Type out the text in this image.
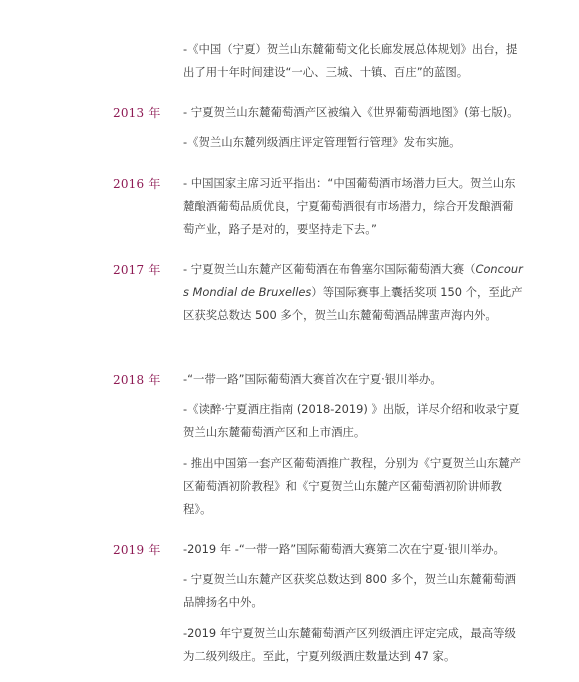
-《中国（宁夏）贺兰山东麓葡萄文化长廊发展总体规划》出台，提出了用十年时间建设“一心、三城、十镇、百庄”的蓝图。

2013 年 - 宁夏贺兰山东麓葡萄酒产区被编入《世界葡萄酒地图》(第七版)。

-《贺兰山东麓列级酒庄评定管理暂行管理》发布实施。

2016 年 - 中国国家主席习近平指出：“中国葡萄酒市场潜力巨大。贺兰山东麓酿酒葡萄品质优良，宁夏葡萄酒很有市场潜力，综合开发酿酒葡萄产业，路子是对的，要坚持走下去。”

2017 年 - 宁夏贺兰山东麓产区葡萄酒在布鲁塞尔国际葡萄酒大赛（Concours Mondial de Bruxelles）等国际赛事上囊括奖项 150 个，至此产区获奖总数达 500 多个，贺兰山东麓葡萄酒品牌蜚声海内外。

2018 年 -“一带一路”国际葡萄酒大赛首次在宁夏·银川举办。

-《读醉·宁夏酒庄指南 (2018-2019) 》出版，详尽介绍和收录宁夏贺兰山东麓葡萄酒产区和上市酒庄。

- 推出中国第一套产区葡萄酒推广教程，分别为《宁夏贺兰山东麓产区葡萄酒初阶教程》和《宁夏贺兰山东麓产区葡萄酒初阶讲师教程》。

2019 年 -2019 年 -“一带一路”国际葡萄酒大赛第二次在宁夏·银川举办。

- 宁夏贺兰山东麓产区获奖总数达到 800 多个，贺兰山东麓葡萄酒品牌扬名中外。

-2019 年宁夏贺兰山东麓葡萄酒产区列级酒庄评定完成，最高等级为二级列级庄。至此，宁夏列级酒庄数量达到 47 家。
